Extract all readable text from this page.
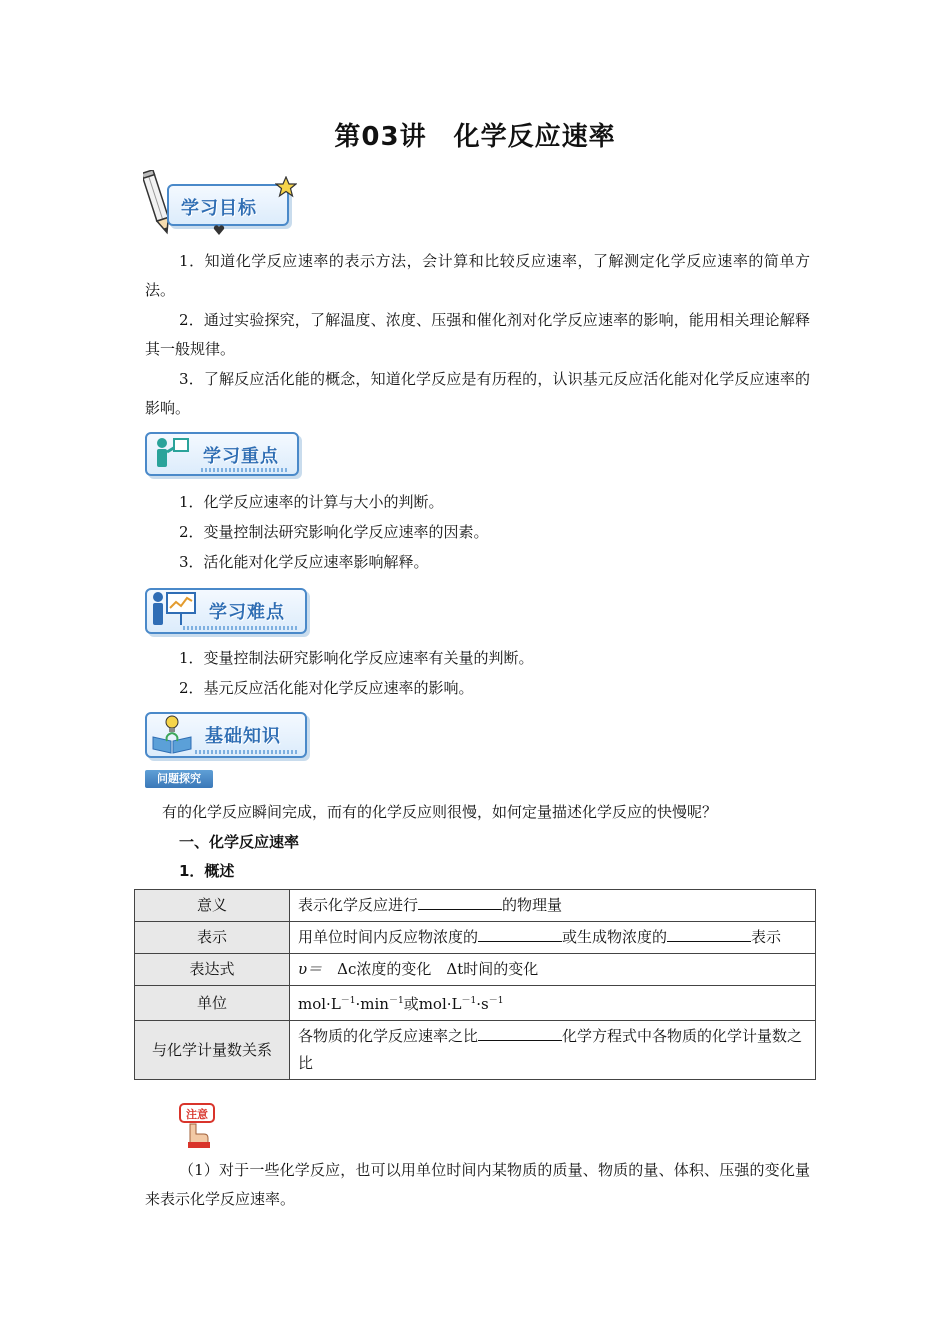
第03讲　化学反应速率
学习目标
1．知道化学反应速率的表示方法，会计算和比较反应速率，了解测定化学反应速率的简单方法。
2．通过实验探究，了解温度、浓度、压强和催化剂对化学反应速率的影响，能用相关理论解释其一般规律。
3．了解反应活化能的概念，知道化学反应是有历程的，认识基元反应活化能对化学反应速率的影响。
学习重点
1．化学反应速率的计算与大小的判断。
2．变量控制法研究影响化学反应速率的因素。
3．活化能对化学反应速率影响解释。
学习难点
1．变量控制法研究影响化学反应速率有关量的判断。
2．基元反应活化能对化学反应速率的影响。
基础知识
问题探究
有的化学反应瞬间完成，而有的化学反应则很慢，如何定量描述化学反应的快慢呢？
一、化学反应速率
1．概述
意义	表示化学反应进行 的物理量
表示	用单位时间内反应物浓度的 或生成物浓度的 表示
表达式	υ＝　 Δc浓度的变化　 Δt时间的变化
单位	$mol\cdot L^{-1}\cdot\min^{-1}$或$mol\cdot L^{-1}\cdot s^{-1}$
与化学计量数关系	各物质的化学反应速率之比 化学方程式中各物质的化学计量数之比
注意
（1）对于一些化学反应，也可以用单位时间内某物质的质量、物质的量、体积、压强的变化量来表示化学反应速率。
